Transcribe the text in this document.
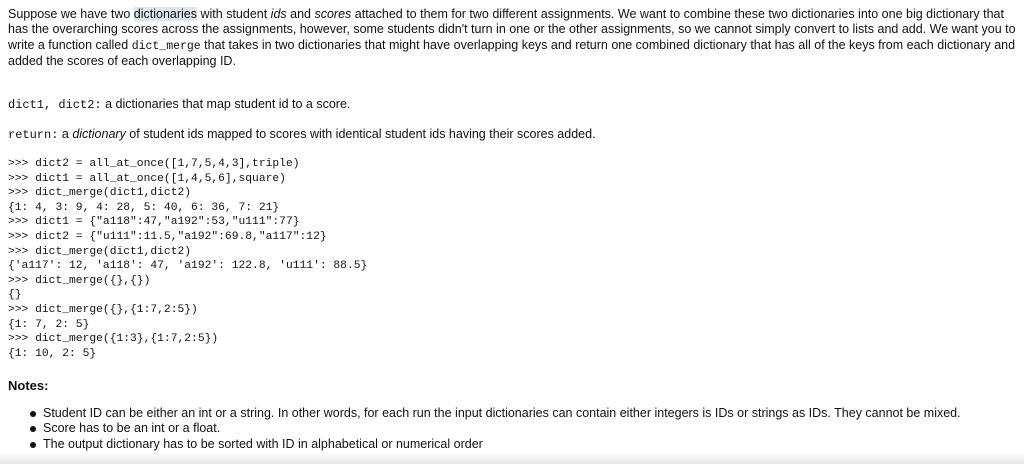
Suppose we have two dictionaries with student ids and scores attached to them for two different assignments. We want to combine these two dictionaries into one big dictionary that has the overarching scores across the assignments, however, some students didn't turn in one or the other assignments, so we cannot simply convert to lists and add. We want you to write a function called dict_merge that takes in two dictionaries that might have overlapping keys and return one combined dictionary that has all of the keys from each dictionary and added the scores of each overlapping ID.
dict1, dict2: a dictionaries that map student id to a score.
return: a dictionary of student ids mapped to scores with identical student ids having their scores added.
>>> dict2 = all_at_once([1,7,5,4,3],triple)
>>> dict1 = all_at_once([1,4,5,6],square)
>>> dict_merge(dict1,dict2)
{1: 4, 3: 9, 4: 28, 5: 40, 6: 36, 7: 21}
>>> dict1 = {"a118":47,"a192":53,"u111":77}
>>> dict2 = {"u111":11.5,"a192":69.8,"a117":12}
>>> dict_merge(dict1,dict2)
{'a117': 12, 'a118': 47, 'a192': 122.8, 'u111': 88.5}
>>> dict_merge({},{})
{}
>>> dict_merge({},{1:7,2:5})
{1: 7, 2: 5}
>>> dict_merge({1:3},{1:7,2:5})
{1: 10, 2: 5}
Notes:
Student ID can be either an int or a string. In other words, for each run the input dictionaries can contain either integers is IDs or strings as IDs. They cannot be mixed.
Score has to be an int or a float.
The output dictionary has to be sorted with ID in alphabetical or numerical order
